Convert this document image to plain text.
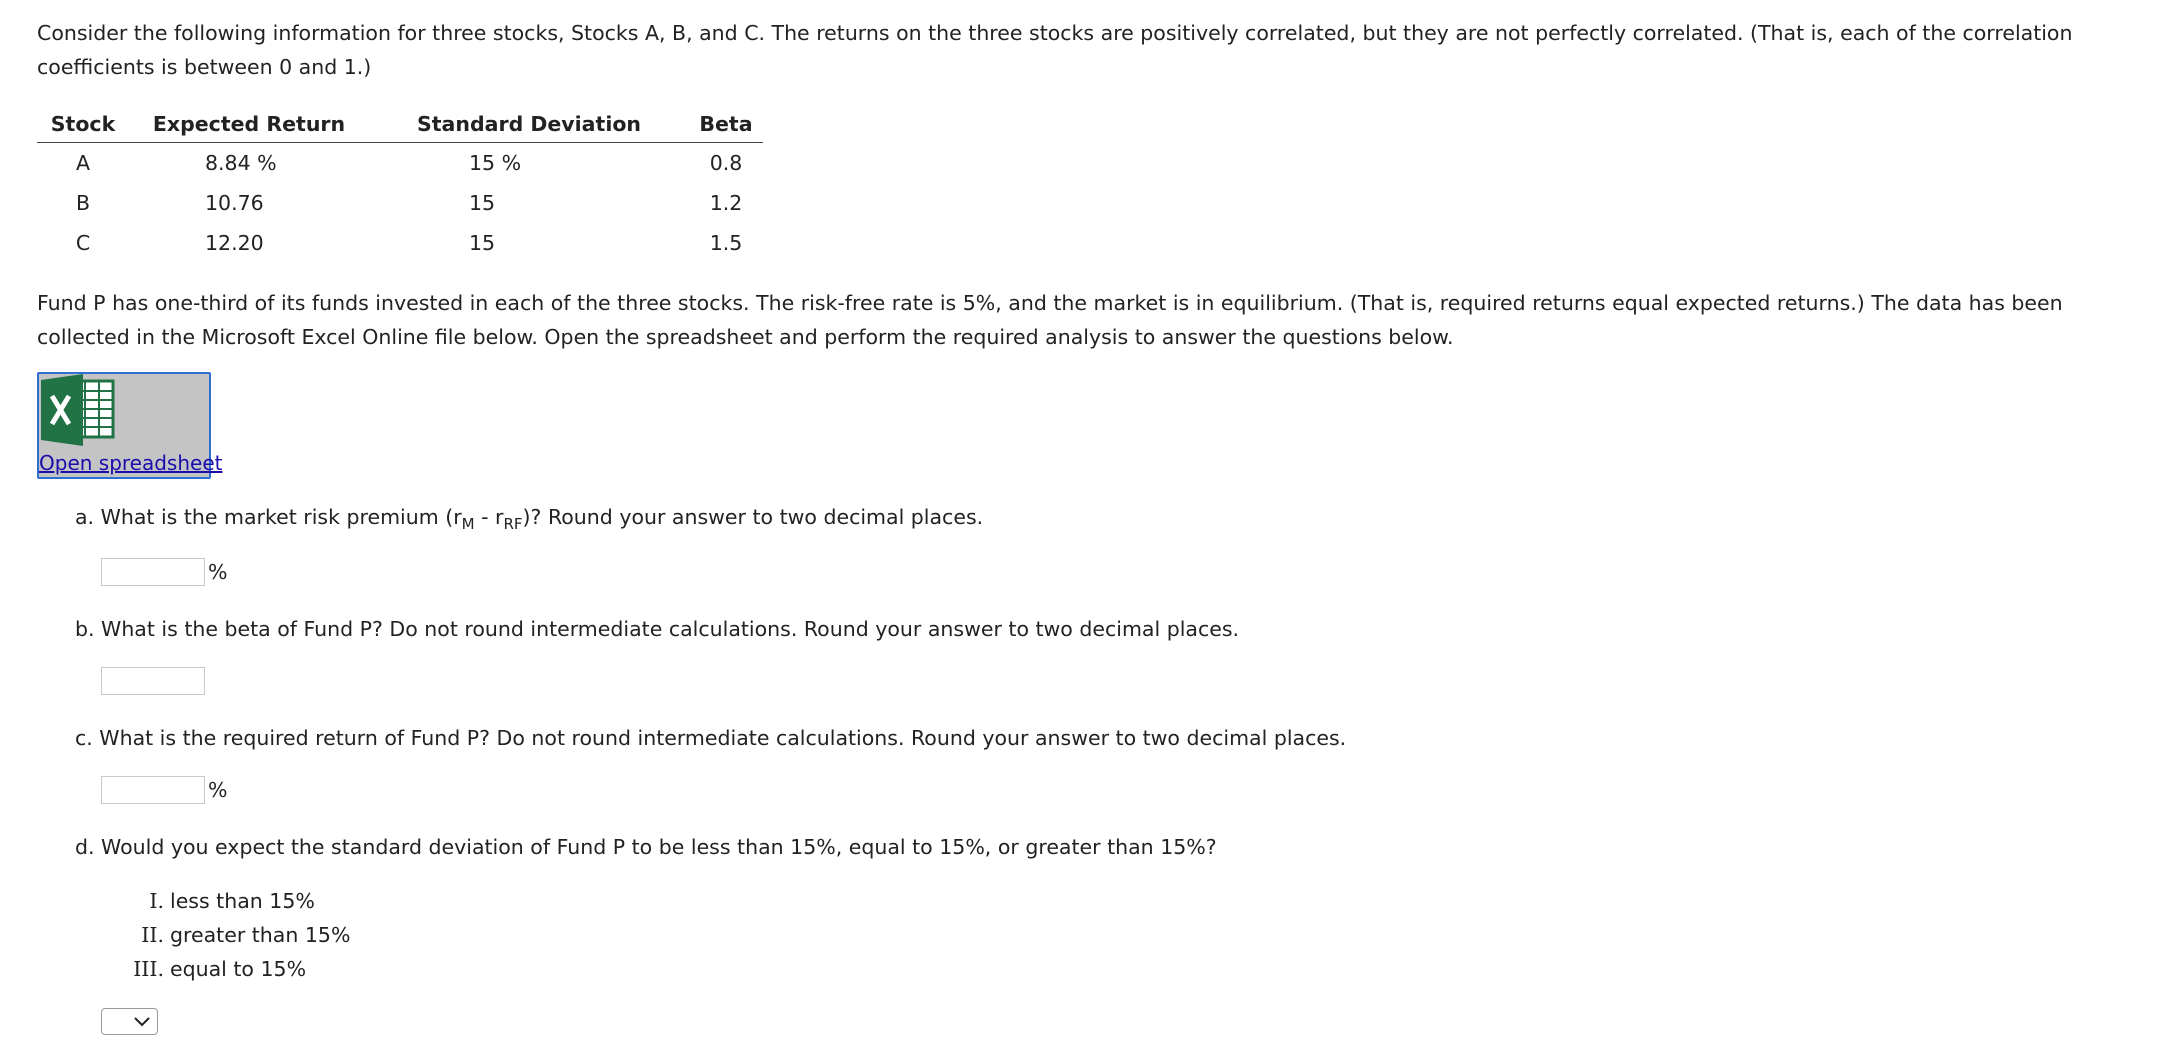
Consider the following information for three stocks, Stocks A, B, and C. The returns on the three stocks are positively correlated, but they are not perfectly correlated. (That is, each of the correlation coefficients is between 0 and 1.)

Stock	Expected Return	Standard Deviation	Beta
A	8.84 %	15 %	0.8
B	10.76	15	1.2
C	12.20	15	1.5

Fund P has one-third of its funds invested in each of the three stocks. The risk-free rate is 5%, and the market is in equilibrium. (That is, required returns equal expected returns.) The data has been collected in the Microsoft Excel Online file below. Open the spreadsheet and perform the required analysis to answer the questions below.

Open spreadsheet

a. What is the market risk premium $(r_M - r_{RF})$? Round your answer to two decimal places.

%

b. What is the beta of Fund P? Do not round intermediate calculations. Round your answer to two decimal places.

c. What is the required return of Fund P? Do not round intermediate calculations. Round your answer to two decimal places.

%

d. Would you expect the standard deviation of Fund P to be less than 15%, equal to 15%, or greater than 15%?

I. less than 15%
II. greater than 15%
III. equal to 15%
